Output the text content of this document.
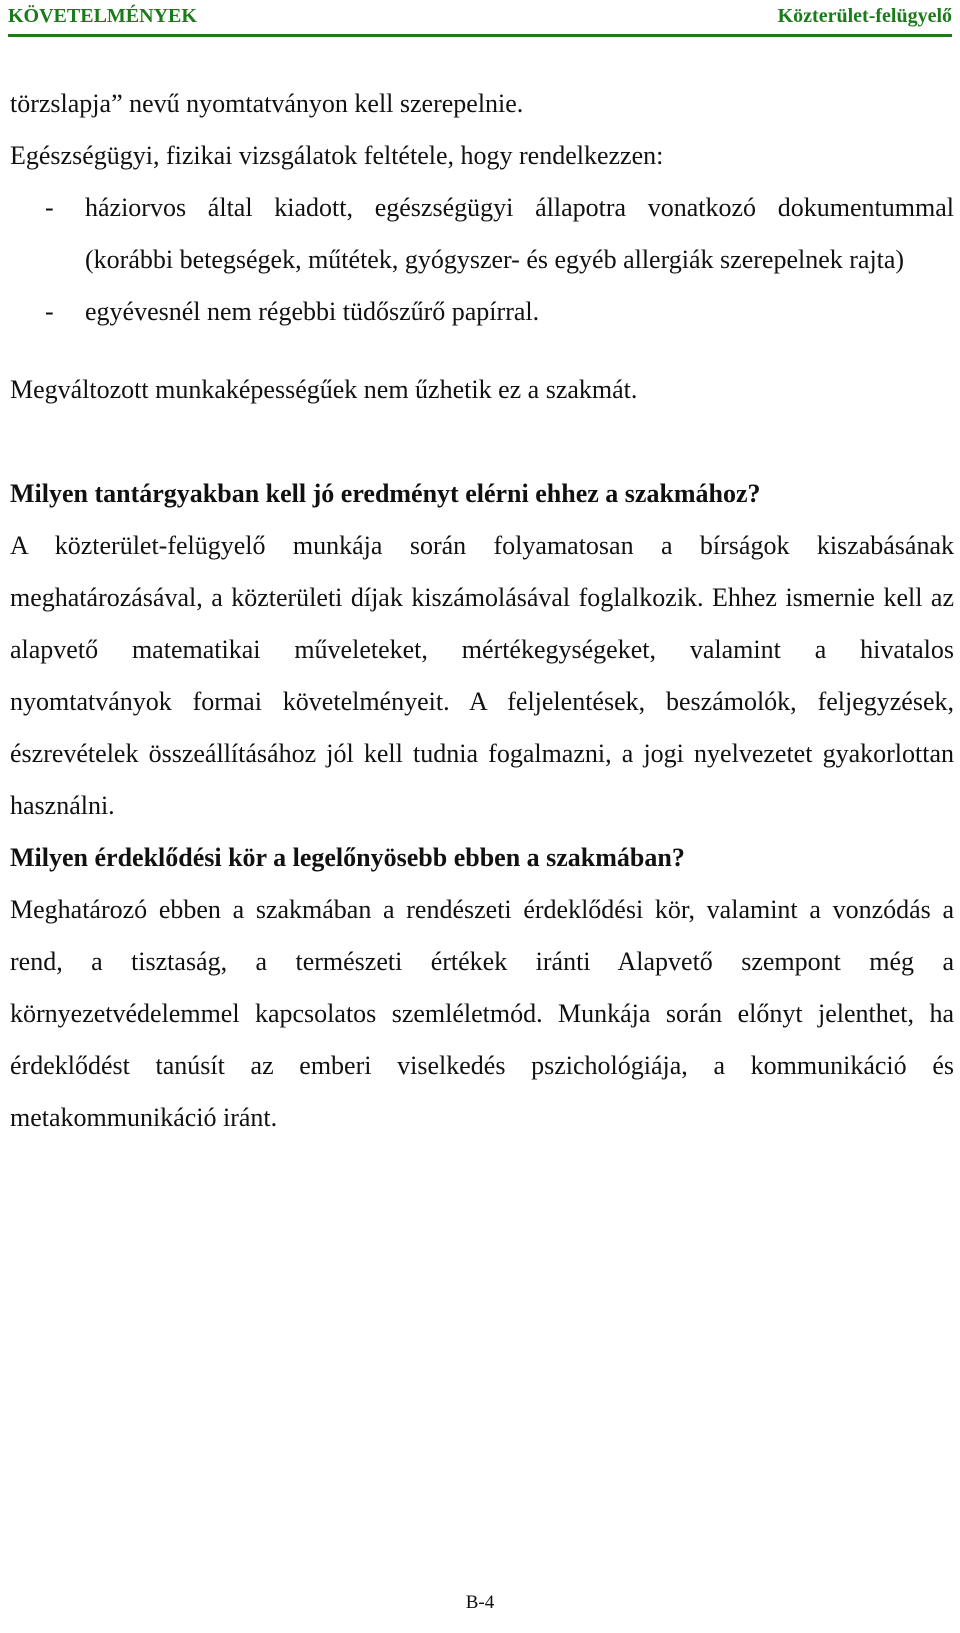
KÖVETELMÉNYEK	Közterület-felügyelő

törzslapja” nevű nyomtatványon kell szerepelnie.

Egészségügyi, fizikai vizsgálatok feltétele, hogy rendelkezzen:

- háziorvos által kiadott, egészségügyi állapotra vonatkozó dokumentummal (korábbi betegségek, műtétek, gyógyszer- és egyéb allergiák szerepelnek rajta)
- egyévesnél nem régebbi tüdőszűrő papírral.

Megváltozott munkaképességűek nem űzhetik ez a szakmát.

Milyen tantárgyakban kell jó eredményt elérni ehhez a szakmához?

A közterület-felügyelő munkája során folyamatosan a bírságok kiszabásának meghatározásával, a közterületi díjak kiszámolásával foglalkozik. Ehhez ismernie kell az alapvető matematikai műveleteket, mértékegységeket, valamint a hivatalos nyomtatványok formai követelményeit. A feljelentések, beszámolók, feljegyzések, észrevételek összeállításához jól kell tudnia fogalmazni, a jogi nyelvezetet gyakorlottan használni.

Milyen érdeklődési kör a legelőnyösebb ebben a szakmában?

Meghatározó ebben a szakmában a rendészeti érdeklődési kör, valamint a vonzódás a rend, a tisztaság, a természeti értékek iránti Alapvető szempont még a környezetvédelemmel kapcsolatos szemléletmód. Munkája során előnyt jelenthet, ha érdeklődést tanúsít az emberi viselkedés pszichológiája, a kommunikáció és metakommunikáció iránt.

B-4
